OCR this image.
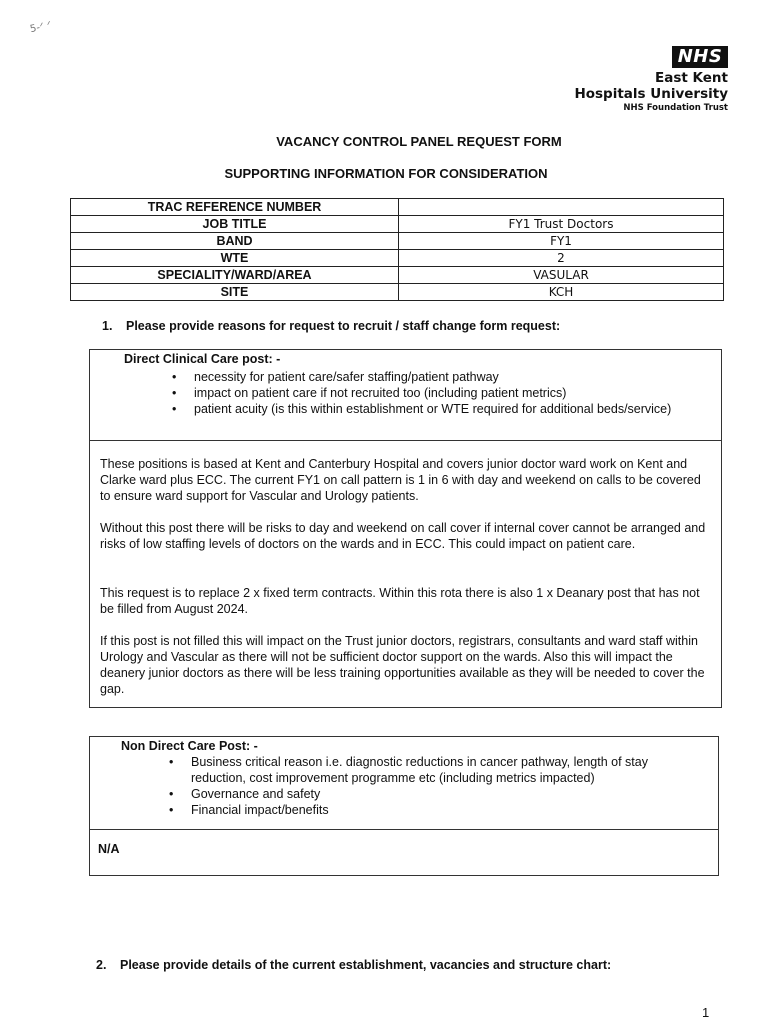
5-ᐟ ᐟ
NHS
East Kent
Hospitals University
NHS Foundation Trust
VACANCY CONTROL PANEL REQUEST FORM
SUPPORTING INFORMATION FOR CONSIDERATION
TRAC REFERENCE NUMBER	
JOB TITLE	FY1 Trust Doctors
BAND	FY1
WTE	2
SPECIALITY/WARD/AREA	VASULAR
SITE	KCH
1. Please provide reasons for request to recruit / staff change form request:
Direct Clinical Care post: -
• necessity for patient care/safer staffing/patient pathway
• impact on patient care if not recruited too (including patient metrics)
• patient acuity (is this within establishment or WTE required for additional beds/service)
These positions is based at Kent and Canterbury Hospital and covers junior doctor ward work on Kent and Clarke ward plus ECC. The current FY1 on call pattern is 1 in 6 with day and weekend on calls to be covered to ensure ward support for Vascular and Urology patients.
Without this post there will be risks to day and weekend on call cover if internal cover cannot be arranged and risks of low staffing levels of doctors on the wards and in ECC. This could impact on patient care.
This request is to replace 2 x fixed term contracts. Within this rota there is also 1 x Deanary post that has not be filled from August 2024.
If this post is not filled this will impact on the Trust junior doctors, registrars, consultants and ward staff within Urology and Vascular as there will not be sufficient doctor support on the wards. Also this will impact the deanery junior doctors as there will be less training opportunities available as they will be needed to cover the gap.
Non Direct Care Post: -
• Business critical reason i.e. diagnostic reductions in cancer pathway, length of stay reduction, cost improvement programme etc (including metrics impacted)
• Governance and safety
• Financial impact/benefits
N/A
2. Please provide details of the current establishment, vacancies and structure chart:
1
